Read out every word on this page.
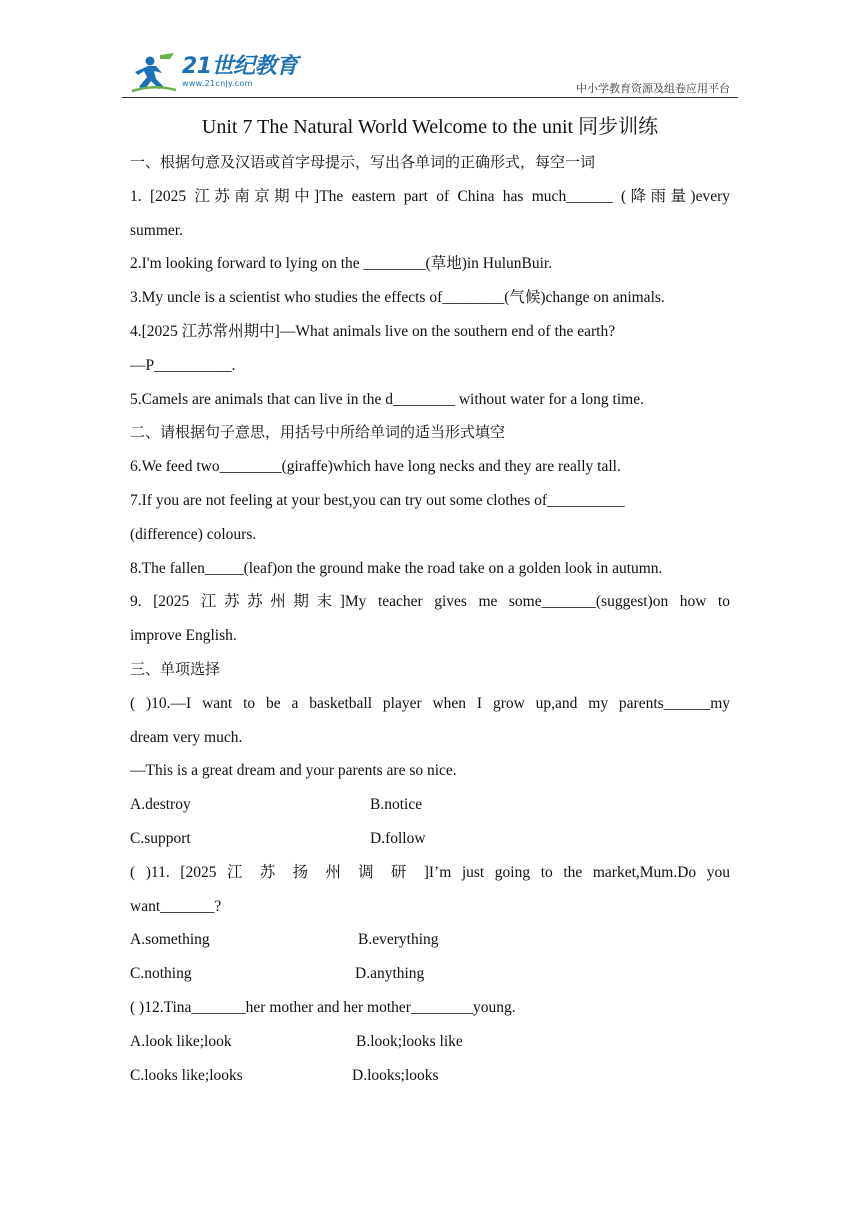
21世纪教育
www.21cnjy.com	中小学教育资源及组卷应用平台
Unit 7 The Natural World Welcome to the unit 同步训练
一、根据句意及汉语或首字母提示，写出各单词的正确形式，每空一词
1. [2025 江苏南京期中]The eastern part of China has much______ (降雨量)every
summer.
2.I'm looking forward to lying on the ________(草地)in HulunBuir.
3.My uncle is a scientist who studies the effects of________(气候)change on animals.
4.[2025 江苏常州期中]—What animals live on the southern end of the earth?
—P__________.
5.Camels are animals that can live in the d________ without water for a long time.
二、请根据句子意思，用括号中所给单词的适当形式填空
6.We feed two________(giraffe)which have long necks and they are really tall.
7.If you are not feeling at your best,you can try out some clothes of__________
(difference) colours.
8.The fallen_____(leaf)on the ground make the road take on a golden look in autumn.
9. [2025 江苏苏州期末]My teacher gives me some_______(suggest)on how to
improve English.
三、单项选择
( )10.—I want to be a basketball player when I grow up,and my parents______my
dream very much.
—This is a great dream and your parents are so nice.
A.destroy	B.notice
C.support	D.follow
( )11. [2025 江 苏 扬 州 调 研 ]I’m just going to the market,Mum.Do you
want_______?
A.something	B.everything
C.nothing	D.anything
( )12.Tina_______her mother and her mother________young.
A.look like;look	B.look;looks like
C.looks like;looks	D.looks;looks
